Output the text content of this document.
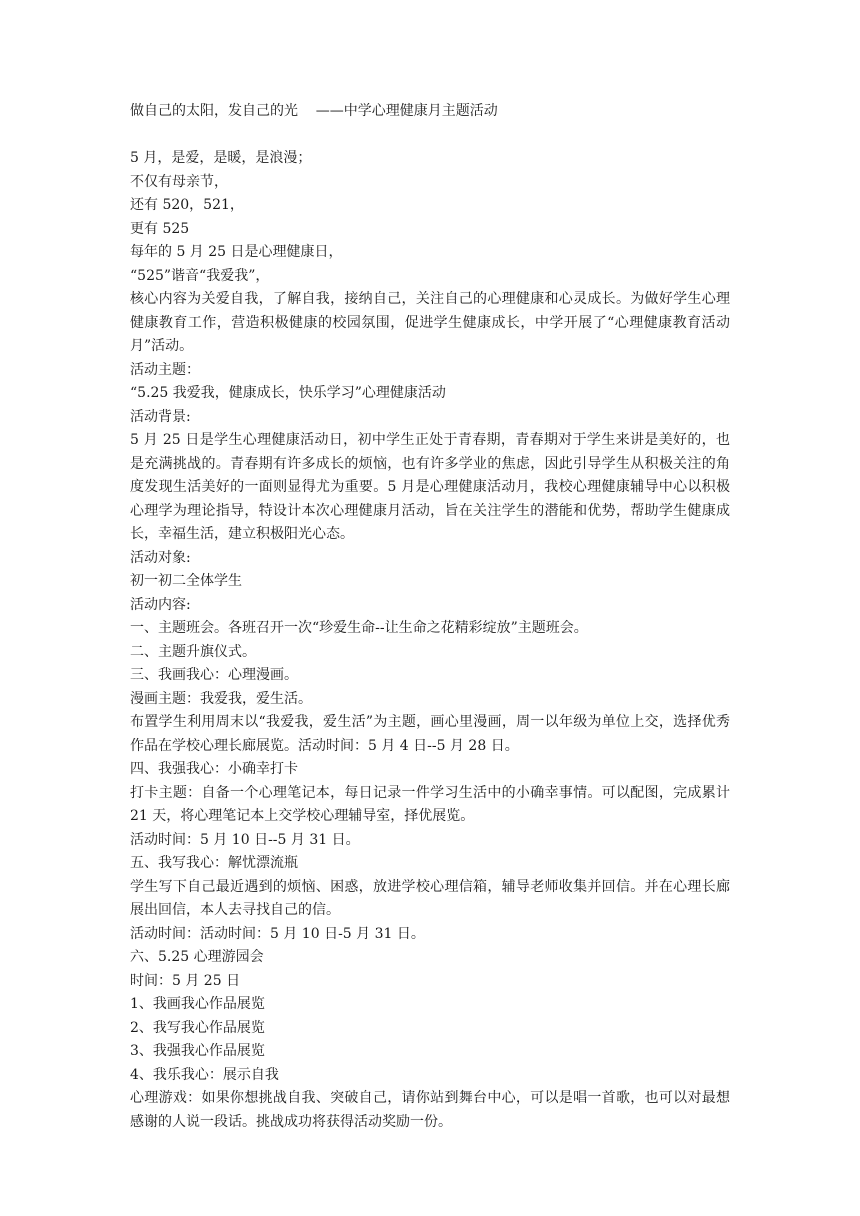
做自己的太阳，发自己的光    ——中学心理健康月主题活动

5 月，是爱，是暖，是浪漫；

不仅有母亲节，

还有 520，521，

更有 525

每年的 5 月 25 日是心理健康日，

“525”谐音“我爱我”，

核心内容为关爱自我，了解自我，接纳自己，关注自己的心理健康和心灵成长。为做好学生心理健康教育工作，营造积极健康的校园氛围，促进学生健康成长，中学开展了“心理健康教育活动月”活动。

活动主题：

“5.25 我爱我，健康成长，快乐学习”心理健康活动

活动背景:

5 月 25 日是学生心理健康活动日，初中学生正处于青春期，青春期对于学生来讲是美好的，也是充满挑战的。青春期有许多成长的烦恼，也有许多学业的焦虑，因此引导学生从积极关注的角度发现生活美好的一面则显得尤为重要。5 月是心理健康活动月，我校心理健康辅导中心以积极心理学为理论指导，特设计本次心理健康月活动，旨在关注学生的潜能和优势，帮助学生健康成长，幸福生活，建立积极阳光心态。

活动对象:

初一初二全体学生

活动内容:

一、主题班会。各班召开一次“珍爱生命--让生命之花精彩绽放”主题班会。

二、主题升旗仪式。

三、我画我心：心理漫画。

漫画主题：我爱我，爱生活。

布置学生利用周末以“我爱我，爱生活”为主题，画心里漫画，周一以年级为单位上交，选择优秀作品在学校心理长廊展览。活动时间：5 月 4 日--5 月 28 日。

四、我强我心：小确幸打卡

打卡主题：自备一个心理笔记本，每日记录一件学习生活中的小确幸事情。可以配图，完成累计 21 天，将心理笔记本上交学校心理辅导室，择优展览。

活动时间：5 月 10 日--5 月 31 日。

五、我写我心：解忧漂流瓶

学生写下自己最近遇到的烦恼、困惑，放进学校心理信箱，辅导老师收集并回信。并在心理长廊展出回信，本人去寻找自己的信。

活动时间：活动时间：5 月 10 日-5 月 31 日。

六、5.25 心理游园会

时间：5 月 25 日

1、我画我心作品展览

2、我写我心作品展览

3、我强我心作品展览

4、我乐我心：展示自我

心理游戏：如果你想挑战自我、突破自己，请你站到舞台中心，可以是唱一首歌，也可以对最想感谢的人说一段话。挑战成功将获得活动奖励一份。
